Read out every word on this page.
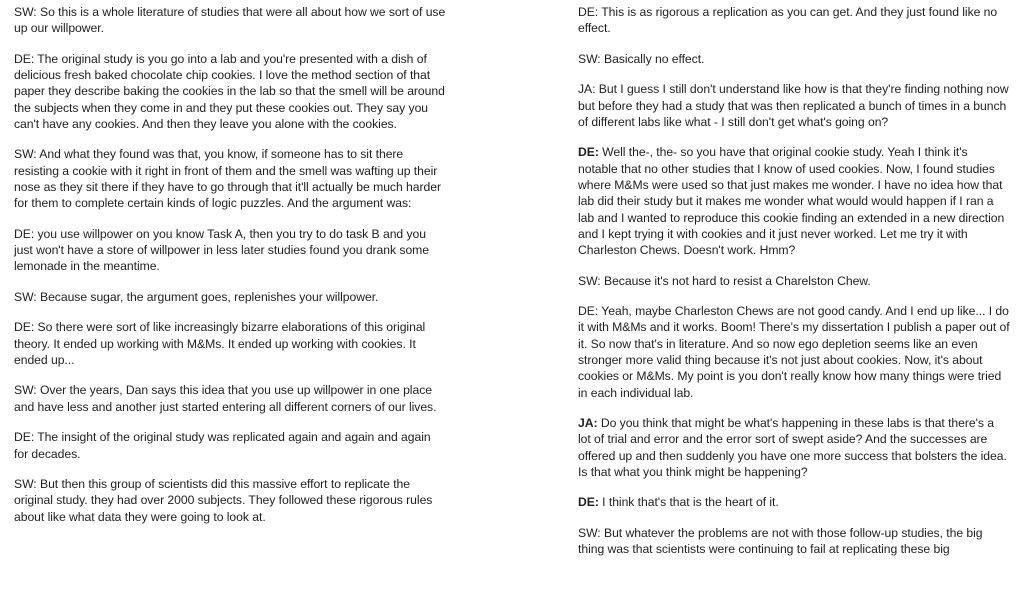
SW: So this is a whole literature of studies that were all about how we sort of use up our willpower.

DE: The original study is you go into a lab and you're presented with a dish of delicious fresh baked chocolate chip cookies. I love the method section of that paper they describe baking the cookies in the lab so that the smell will be around the subjects when they come in and they put these cookies out. They say you can't have any cookies. And then they leave you alone with the cookies.

SW: And what they found was that, you know, if someone has to sit there resisting a cookie with it right in front of them and the smell was wafting up their nose as they sit there if they have to go through that it'll actually be much harder for them to complete certain kinds of logic puzzles. And the argument was:

DE: you use willpower on you know Task A, then you try to do task B and you just won't have a store of willpower in less later studies found you drank some lemonade in the meantime.

SW: Because sugar, the argument goes, replenishes your willpower.

DE: So there were sort of like increasingly bizarre elaborations of this original theory. It ended up working with M&Ms. It ended up working with cookies. It ended up...

SW: Over the years, Dan says this idea that you use up willpower in one place and have less and another just started entering all different corners of our lives.

DE: The insight of the original study was replicated again and again and again for decades.

SW: But then this group of scientists did this massive effort to replicate the original study. they had over 2000 subjects. They followed these rigorous rules about like what data they were going to look at.

DE: This is as rigorous a replication as you can get. And they just found like no effect.

SW: Basically no effect.

JA: But I guess I still don't understand like how is that they're finding nothing now but before they had a study that was then replicated a bunch of times in a bunch of different labs like what - I still don't get what's going on?

DE: Well the-, the- so you have that original cookie study. Yeah I think it's notable that no other studies that I know of used cookies. Now, I found studies where M&Ms were used so that just makes me wonder. I have no idea how that lab did their study but it makes me wonder what would would happen if I ran a lab and I wanted to reproduce this cookie finding an extended in a new direction and I kept trying it with cookies and it just never worked. Let me try it with Charleston Chews. Doesn't work. Hmm?

SW: Because it's not hard to resist a Charelston Chew.

DE: Yeah, maybe Charleston Chews are not good candy. And I end up like... I do it with M&Ms and it works. Boom! There's my dissertation I publish a paper out of it. So now that's in literature. And so now ego depletion seems like an even stronger more valid thing because it's not just about cookies. Now, it's about cookies or M&Ms. My point is you don't really know how many things were tried in each individual lab.

JA: Do you think that might be what's happening in these labs is that there's a lot of trial and error and the error sort of swept aside? And the successes are offered up and then suddenly you have one more success that bolsters the idea. Is that what you think might be happening?

DE: I think that's that is the heart of it.

SW: But whatever the problems are not with those follow-up studies, the big thing was that scientists were continuing to fail at replicating these big
